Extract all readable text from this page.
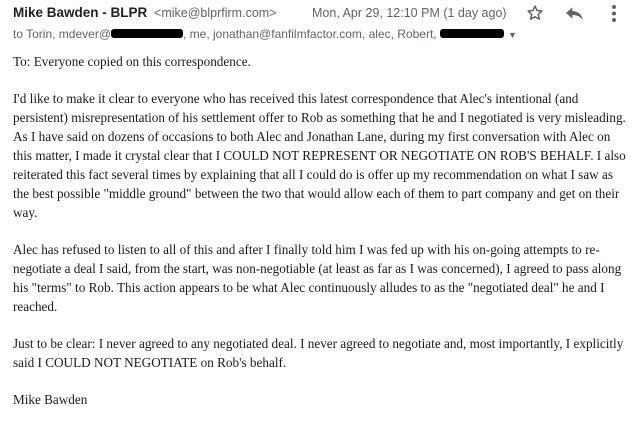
Mike Bawden - BLPR <mike@blprfirm.com>	Mon, Apr 29, 12:10 PM (1 day ago)
to Torin, mdever@	, me, jonathan@fanfilmfactor.com, alec, Robert,	▼

To: Everyone copied on this correspondence.

I'd like to make it clear to everyone who has received this latest correspondence that Alec's intentional (and persistent) misrepresentation of his settlement offer to Rob as something that he and I negotiated is very misleading. As I have said on dozens of occasions to both Alec and Jonathan Lane, during my first conversation with Alec on this matter, I made it crystal clear that I COULD NOT REPRESENT OR NEGOTIATE ON ROB'S BEHALF. I also reiterated this fact several times by explaining that all I could do is offer up my recommendation on what I saw as the best possible "middle ground" between the two that would allow each of them to part company and get on their way.

Alec has refused to listen to all of this and after I finally told him I was fed up with his on-going attempts to re-negotiate a deal I said, from the start, was non-negotiable (at least as far as I was concerned), I agreed to pass along his "terms" to Rob. This action appears to be what Alec continuously alludes to as the "negotiated deal" he and I reached.

Just to be clear: I never agreed to any negotiated deal. I never agreed to negotiate and, most importantly, I explicitly said I COULD NOT NEGOTIATE on Rob's behalf.

Mike Bawden
